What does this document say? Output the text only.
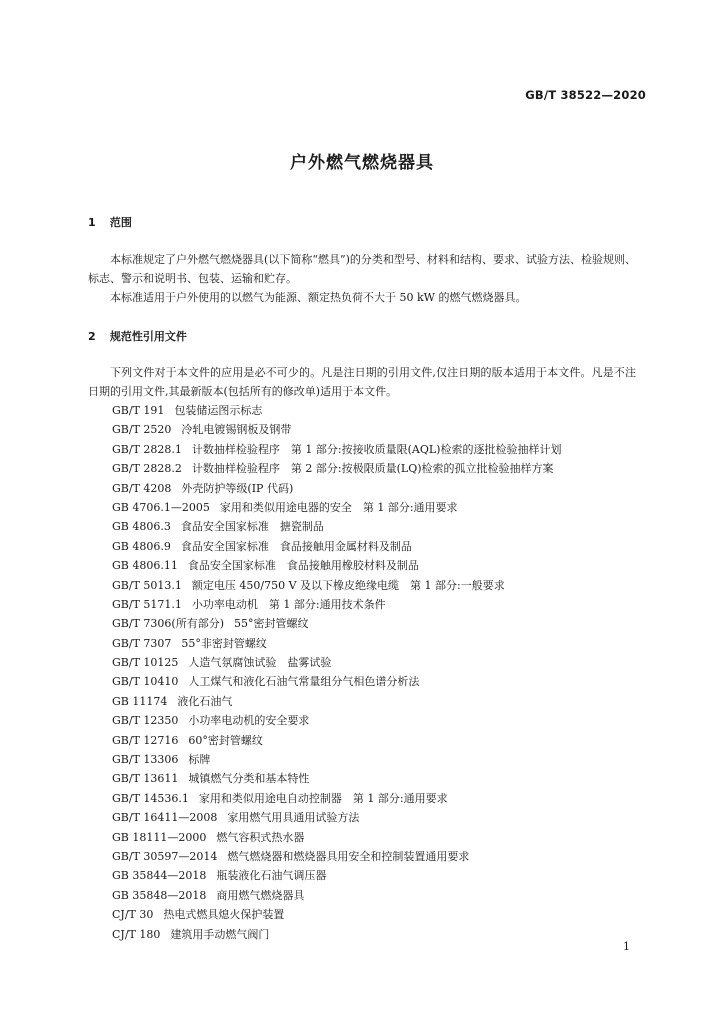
GB/T 38522—2020
户外燃气燃烧器具
1 范围
本标准规定了户外燃气燃烧器具(以下简称“燃具”)的分类和型号、材料和结构、要求、试验方法、检验规则、标志、警示和说明书、包装、运输和贮存。
本标准适用于户外使用的以燃气为能源、额定热负荷不大于 50 kW 的燃气燃烧器具。
2 规范性引用文件
下列文件对于本文件的应用是必不可少的。凡是注日期的引用文件,仅注日期的版本适用于本文件。凡是不注日期的引用文件,其最新版本(包括所有的修改单)适用于本文件。
GB/T 191 包装储运图示标志
GB/T 2520 冷轧电镀锡钢板及钢带
GB/T 2828.1 计数抽样检验程序　第 1 部分:按接收质量限(AQL)检索的逐批检验抽样计划
GB/T 2828.2 计数抽样检验程序　第 2 部分:按极限质量(LQ)检索的孤立批检验抽样方案
GB/T 4208 外壳防护等级(IP 代码)
GB 4706.1—2005 家用和类似用途电器的安全　第 1 部分:通用要求
GB 4806.3 食品安全国家标准　搪瓷制品
GB 4806.9 食品安全国家标准　食品接触用金属材料及制品
GB 4806.11 食品安全国家标准　食品接触用橡胶材料及制品
GB/T 5013.1 额定电压 450/750 V 及以下橡皮绝缘电缆　第 1 部分:一般要求
GB/T 5171.1 小功率电动机　第 1 部分:通用技术条件
GB/T 7306(所有部分) 55°密封管螺纹
GB/T 7307 55°非密封管螺纹
GB/T 10125 人造气氛腐蚀试验　盐雾试验
GB/T 10410 人工煤气和液化石油气常量组分气相色谱分析法
GB 11174 液化石油气
GB/T 12350 小功率电动机的安全要求
GB/T 12716 60°密封管螺纹
GB/T 13306 标牌
GB/T 13611 城镇燃气分类和基本特性
GB/T 14536.1 家用和类似用途电自动控制器　第 1 部分:通用要求
GB/T 16411—2008 家用燃气用具通用试验方法
GB 18111—2000 燃气容积式热水器
GB/T 30597—2014 燃气燃烧器和燃烧器具用安全和控制装置通用要求
GB 35844—2018 瓶装液化石油气调压器
GB 35848—2018 商用燃气燃烧器具
CJ/T 30 热电式燃具熄火保护装置
CJ/T 180 建筑用手动燃气阀门
1
